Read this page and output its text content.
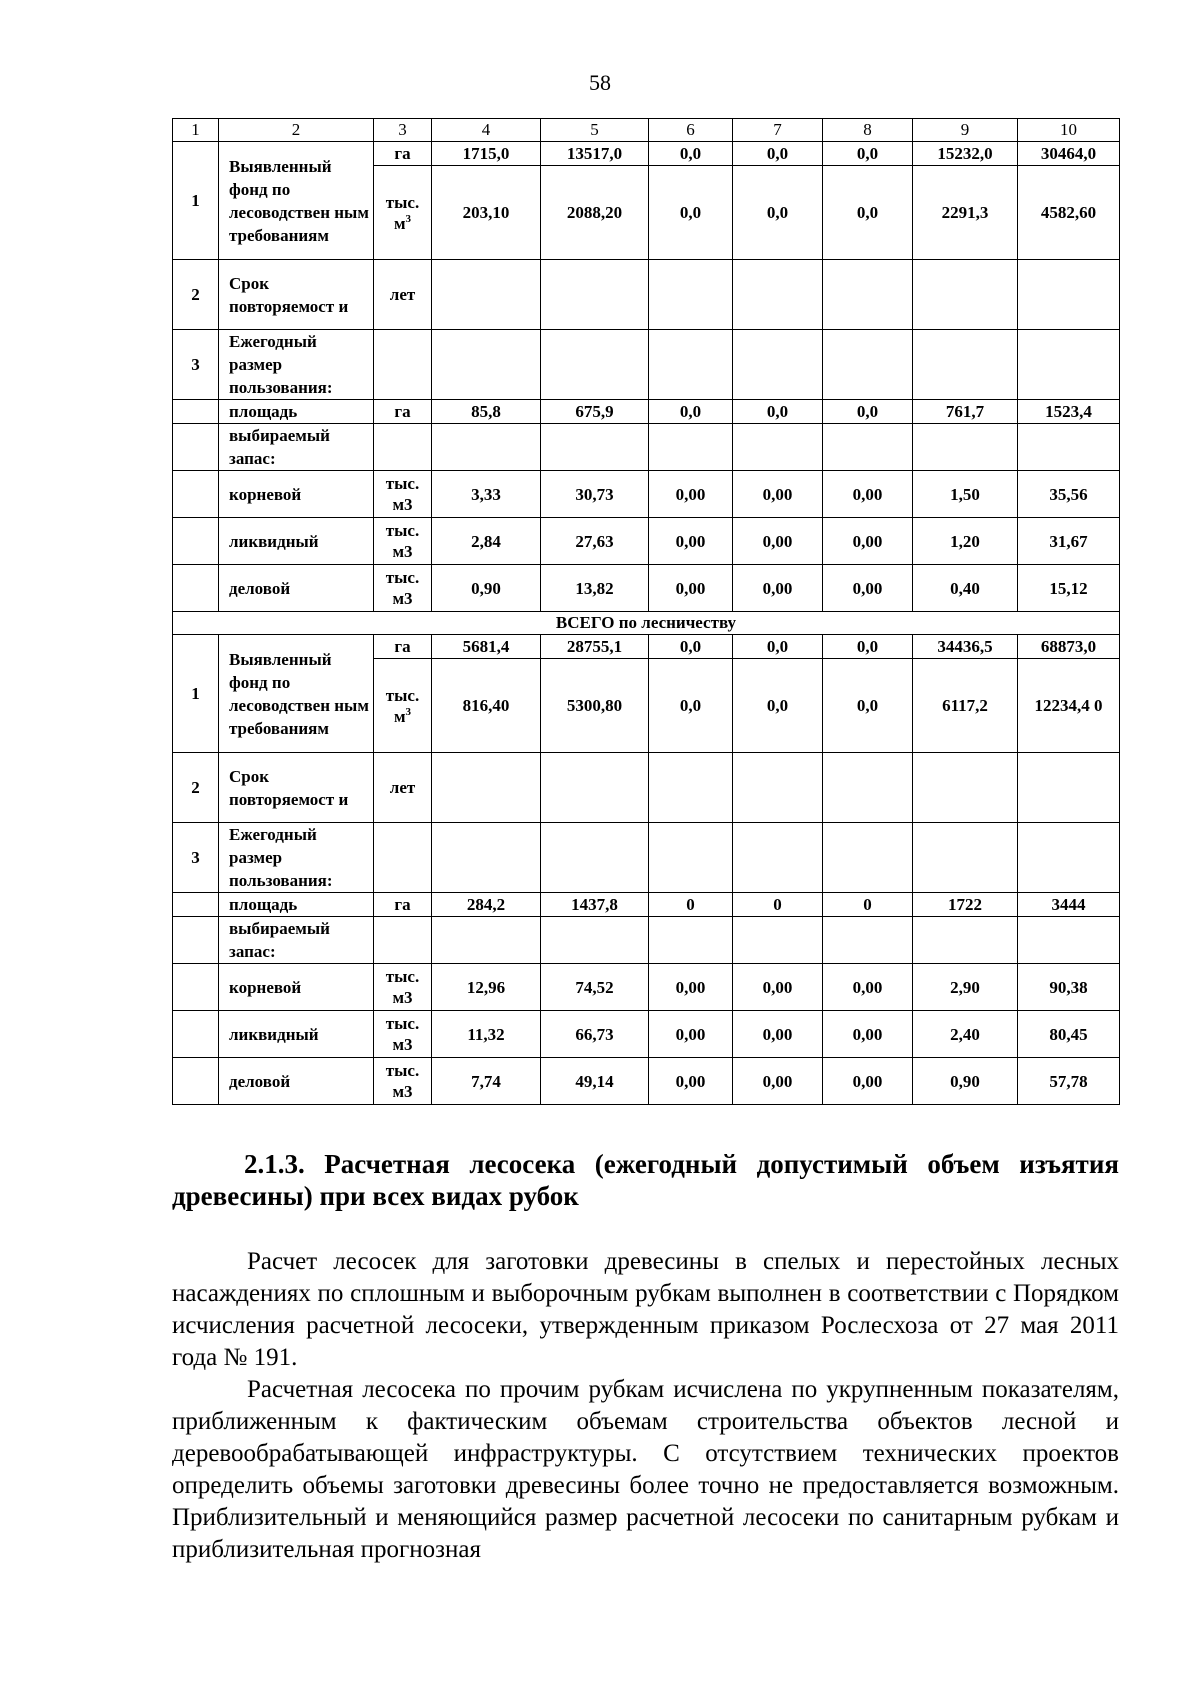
58
1	2	3	4	5	6	7	8	9	10
1	Выявленный фонд по лесоводствен ным требованиям	га	1715,0	13517,0	0,0	0,0	0,0	15232,0	30464,0
		тыс. $м^3$	203,10	2088,20	0,0	0,0	0,0	2291,3	4582,60
2	Срок повторяемост и	лет							
3	Ежегодный размер пользования:								
	площадь	га	85,8	675,9	0,0	0,0	0,0	761,7	1523,4
	выбираемый запас:								
	корневой	тыс. м3	3,33	30,73	0,00	0,00	0,00	1,50	35,56
	ликвидный	тыс. м3	2,84	27,63	0,00	0,00	0,00	1,20	31,67
	деловой	тыс. м3	0,90	13,82	0,00	0,00	0,00	0,40	15,12
ВСЕГО по лесничеству									
1	Выявленный фонд по лесоводствен ным требованиям	га	5681,4	28755,1	0,0	0,0	0,0	34436,5	68873,0
		тыс. $м^3$	816,40	5300,80	0,0	0,0	0,0	6117,2	12234,4 0
2	Срок повторяемост и	лет							
3	Ежегодный размер пользования:								
	площадь	га	284,2	1437,8	0	0	0	1722	3444
	выбираемый запас:								
	корневой	тыс. м3	12,96	74,52	0,00	0,00	0,00	2,90	90,38
	ликвидный	тыс. м3	11,32	66,73	0,00	0,00	0,00	2,40	80,45
	деловой	тыс. м3	7,74	49,14	0,00	0,00	0,00	0,90	57,78
2.1.3. Расчетная лесосека (ежегодный допустимый объем изъятия древесины) при всех видах рубок

Расчет лесосек для заготовки древесины в спелых и перестойных лесных насаждениях по сплошным и выборочным рубкам выполнен в соответствии с Порядком исчисления расчетной лесосеки, утвержденным приказом Рослесхоза от 27 мая 2011 года № 191.

Расчетная лесосека по прочим рубкам исчислена по укрупненным показателям, приближенным к фактическим объемам строительства объектов лесной и деревообрабатывающей инфраструктуры. С отсутствием технических проектов определить объемы заготовки древесины более точно не предоставляется возможным. Приблизительный и меняющийся размер расчетной лесосеки по санитарным рубкам и приблизительная прогнозная
